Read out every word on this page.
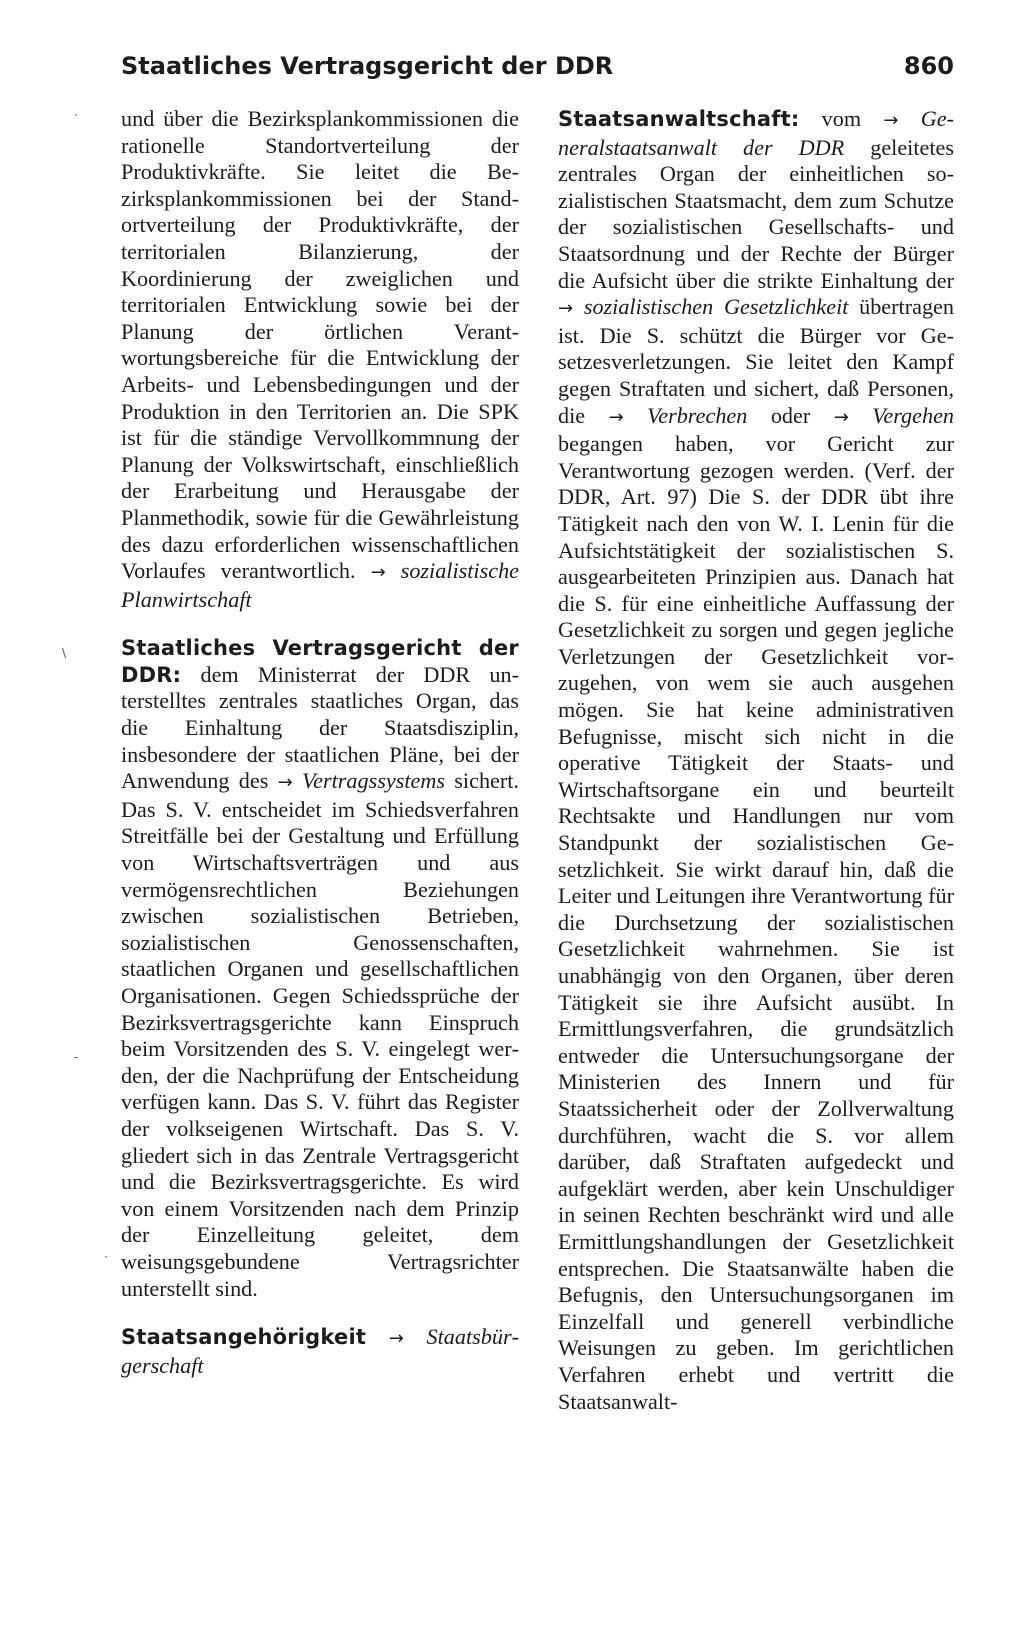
Staatliches Vertragsgericht der DDR	860
·
\
-
·

und über die Bezirksplankommissionen die rationelle Standortverteilung der Produktivkräfte. Sie leitet die Bezirksplankommissionen bei der Standortverteilung der Produktivkräfte, der territorialen Bilanzierung, der Koordinierung der zweiglichen und territorialen Entwicklung sowie bei der Planung der örtlichen Verantwortungsbereiche für die Entwicklung der Arbeits- und Lebensbedingungen und der Produktion in den Territorien an. Die SPK ist für die ständige Vervollkommnung der Planung der Volkswirtschaft, einschließlich der Erarbeitung und Herausgabe der Planmethodik, sowie für die Gewährleistung des dazu erforderlichen wissenschaftlichen Vorlaufes verantwortlich. → sozialistische Planwirtschaft

Staatliches Vertragsgericht der DDR: dem Ministerrat der DDR unterstelltes zentrales staatliches Organ, das die Einhaltung der Staatsdisziplin, insbesondere der staatlichen Pläne, bei der Anwendung des → Vertragssystems sichert. Das S. V. entscheidet im Schiedsverfahren Streitfälle bei der Gestaltung und Erfüllung von Wirtschaftsverträgen und aus vermögensrechtlichen Beziehungen zwischen sozialistischen Betrieben, sozialistischen Genossenschaften, staatlichen Organen und gesellschaftlichen Organisationen. Gegen Schiedssprüche der Bezirksvertragsgerichte kann Einspruch beim Vorsitzenden des S. V. eingelegt werden, der die Nachprüfung der Entscheidung verfügen kann. Das S. V. führt das Register der volkseigenen Wirtschaft. Das S. V. gliedert sich in das Zentrale Vertragsgericht und die Bezirksvertragsgerichte. Es wird von einem Vorsitzenden nach dem Prinzip der Einzelleitung geleitet, dem weisungsgebundene Vertragsrichter unterstellt sind.

Staatsangehörigkeit → Staatsbürgerschaft

Staatsanwaltschaft: vom → Generalstaatsanwalt der DDR geleitetes zentrales Organ der einheitlichen sozialistischen Staatsmacht, dem zum Schutze der sozialistischen Gesellschafts- und Staatsordnung und der Rechte der Bürger die Aufsicht über die strikte Einhaltung der → sozialistischen Gesetzlichkeit übertragen ist. Die S. schützt die Bürger vor Gesetzesverletzungen. Sie leitet den Kampf gegen Straftaten und sichert, daß Personen, die → Verbrechen oder → Vergehen begangen haben, vor Gericht zur Verantwortung gezogen werden. (Verf. der DDR, Art. 97) Die S. der DDR übt ihre Tätigkeit nach den von W. I. Lenin für die Aufsichtstätigkeit der sozialistischen S. ausgearbeiteten Prinzipien aus. Danach hat die S. für eine einheitliche Auffassung der Gesetzlichkeit zu sorgen und gegen jegliche Verletzungen der Gesetzlichkeit vorzugehen, von wem sie auch ausgehen mögen. Sie hat keine administrativen Befugnisse, mischt sich nicht in die operative Tätigkeit der Staats- und Wirtschaftsorgane ein und beurteilt Rechtsakte und Handlungen nur vom Standpunkt der sozialistischen Gesetzlichkeit. Sie wirkt darauf hin, daß die Leiter und Leitungen ihre Verantwortung für die Durchsetzung der sozialistischen Gesetzlichkeit wahrnehmen. Sie ist unabhängig von den Organen, über deren Tätigkeit sie ihre Aufsicht ausübt. In Ermittlungsverfahren, die grundsätzlich entweder die Untersuchungsorgane der Ministerien des Innern und für Staatssicherheit oder der Zollverwaltung durchführen, wacht die S. vor allem darüber, daß Straftaten aufgedeckt und aufgeklärt werden, aber kein Unschuldiger in seinen Rechten beschränkt wird und alle Ermittlungshandlungen der Gesetzlichkeit entsprechen. Die Staatsanwälte haben die Befugnis, den Untersuchungsorganen im Einzelfall und generell verbindliche Weisungen zu geben. Im gerichtlichen Verfahren erhebt und vertritt die Staatsanwalt-
